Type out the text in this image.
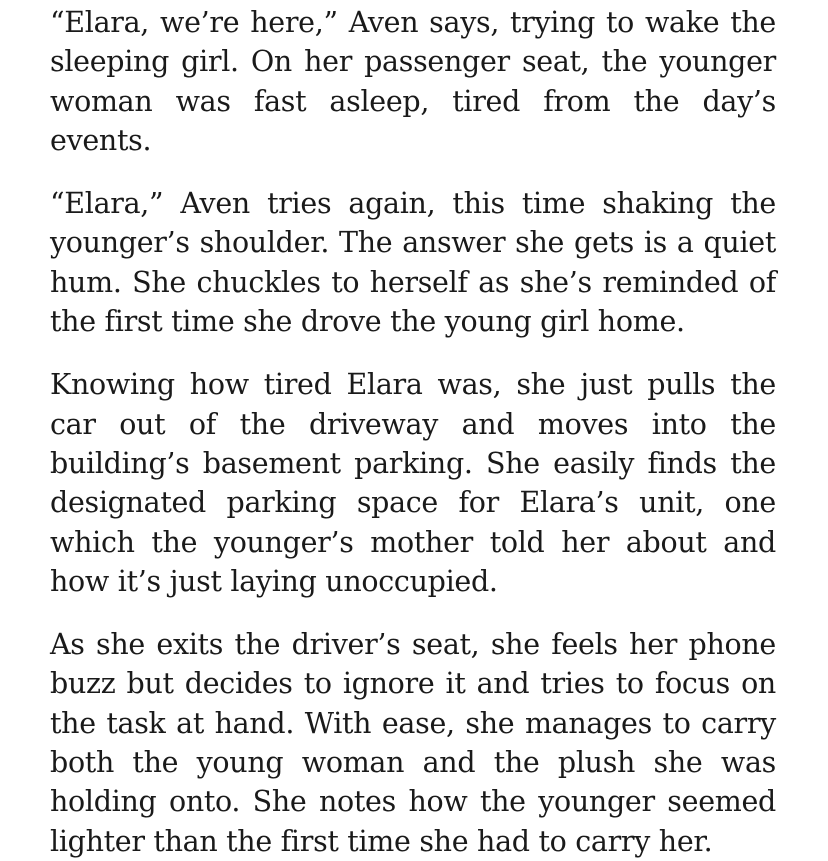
“Elara, we’re here,” Aven says, trying to wake the sleeping girl. On her passenger seat, the younger woman was fast asleep, tired from the day’s events.

“Elara,” Aven tries again, this time shaking the younger’s shoulder. The answer she gets is a quiet hum. She chuckles to herself as she’s reminded of the first time she drove the young girl home.

Knowing how tired Elara was, she just pulls the car out of the driveway and moves into the building’s basement parking. She easily finds the designated parking space for Elara’s unit, one which the younger’s mother told her about and how it’s just laying unoccupied.

As she exits the driver’s seat, she feels her phone buzz but decides to ignore it and tries to focus on the task at hand. With ease, she manages to carry both the young woman and the plush she was holding onto. She notes how the younger seemed lighter than the first time she had to carry her.
